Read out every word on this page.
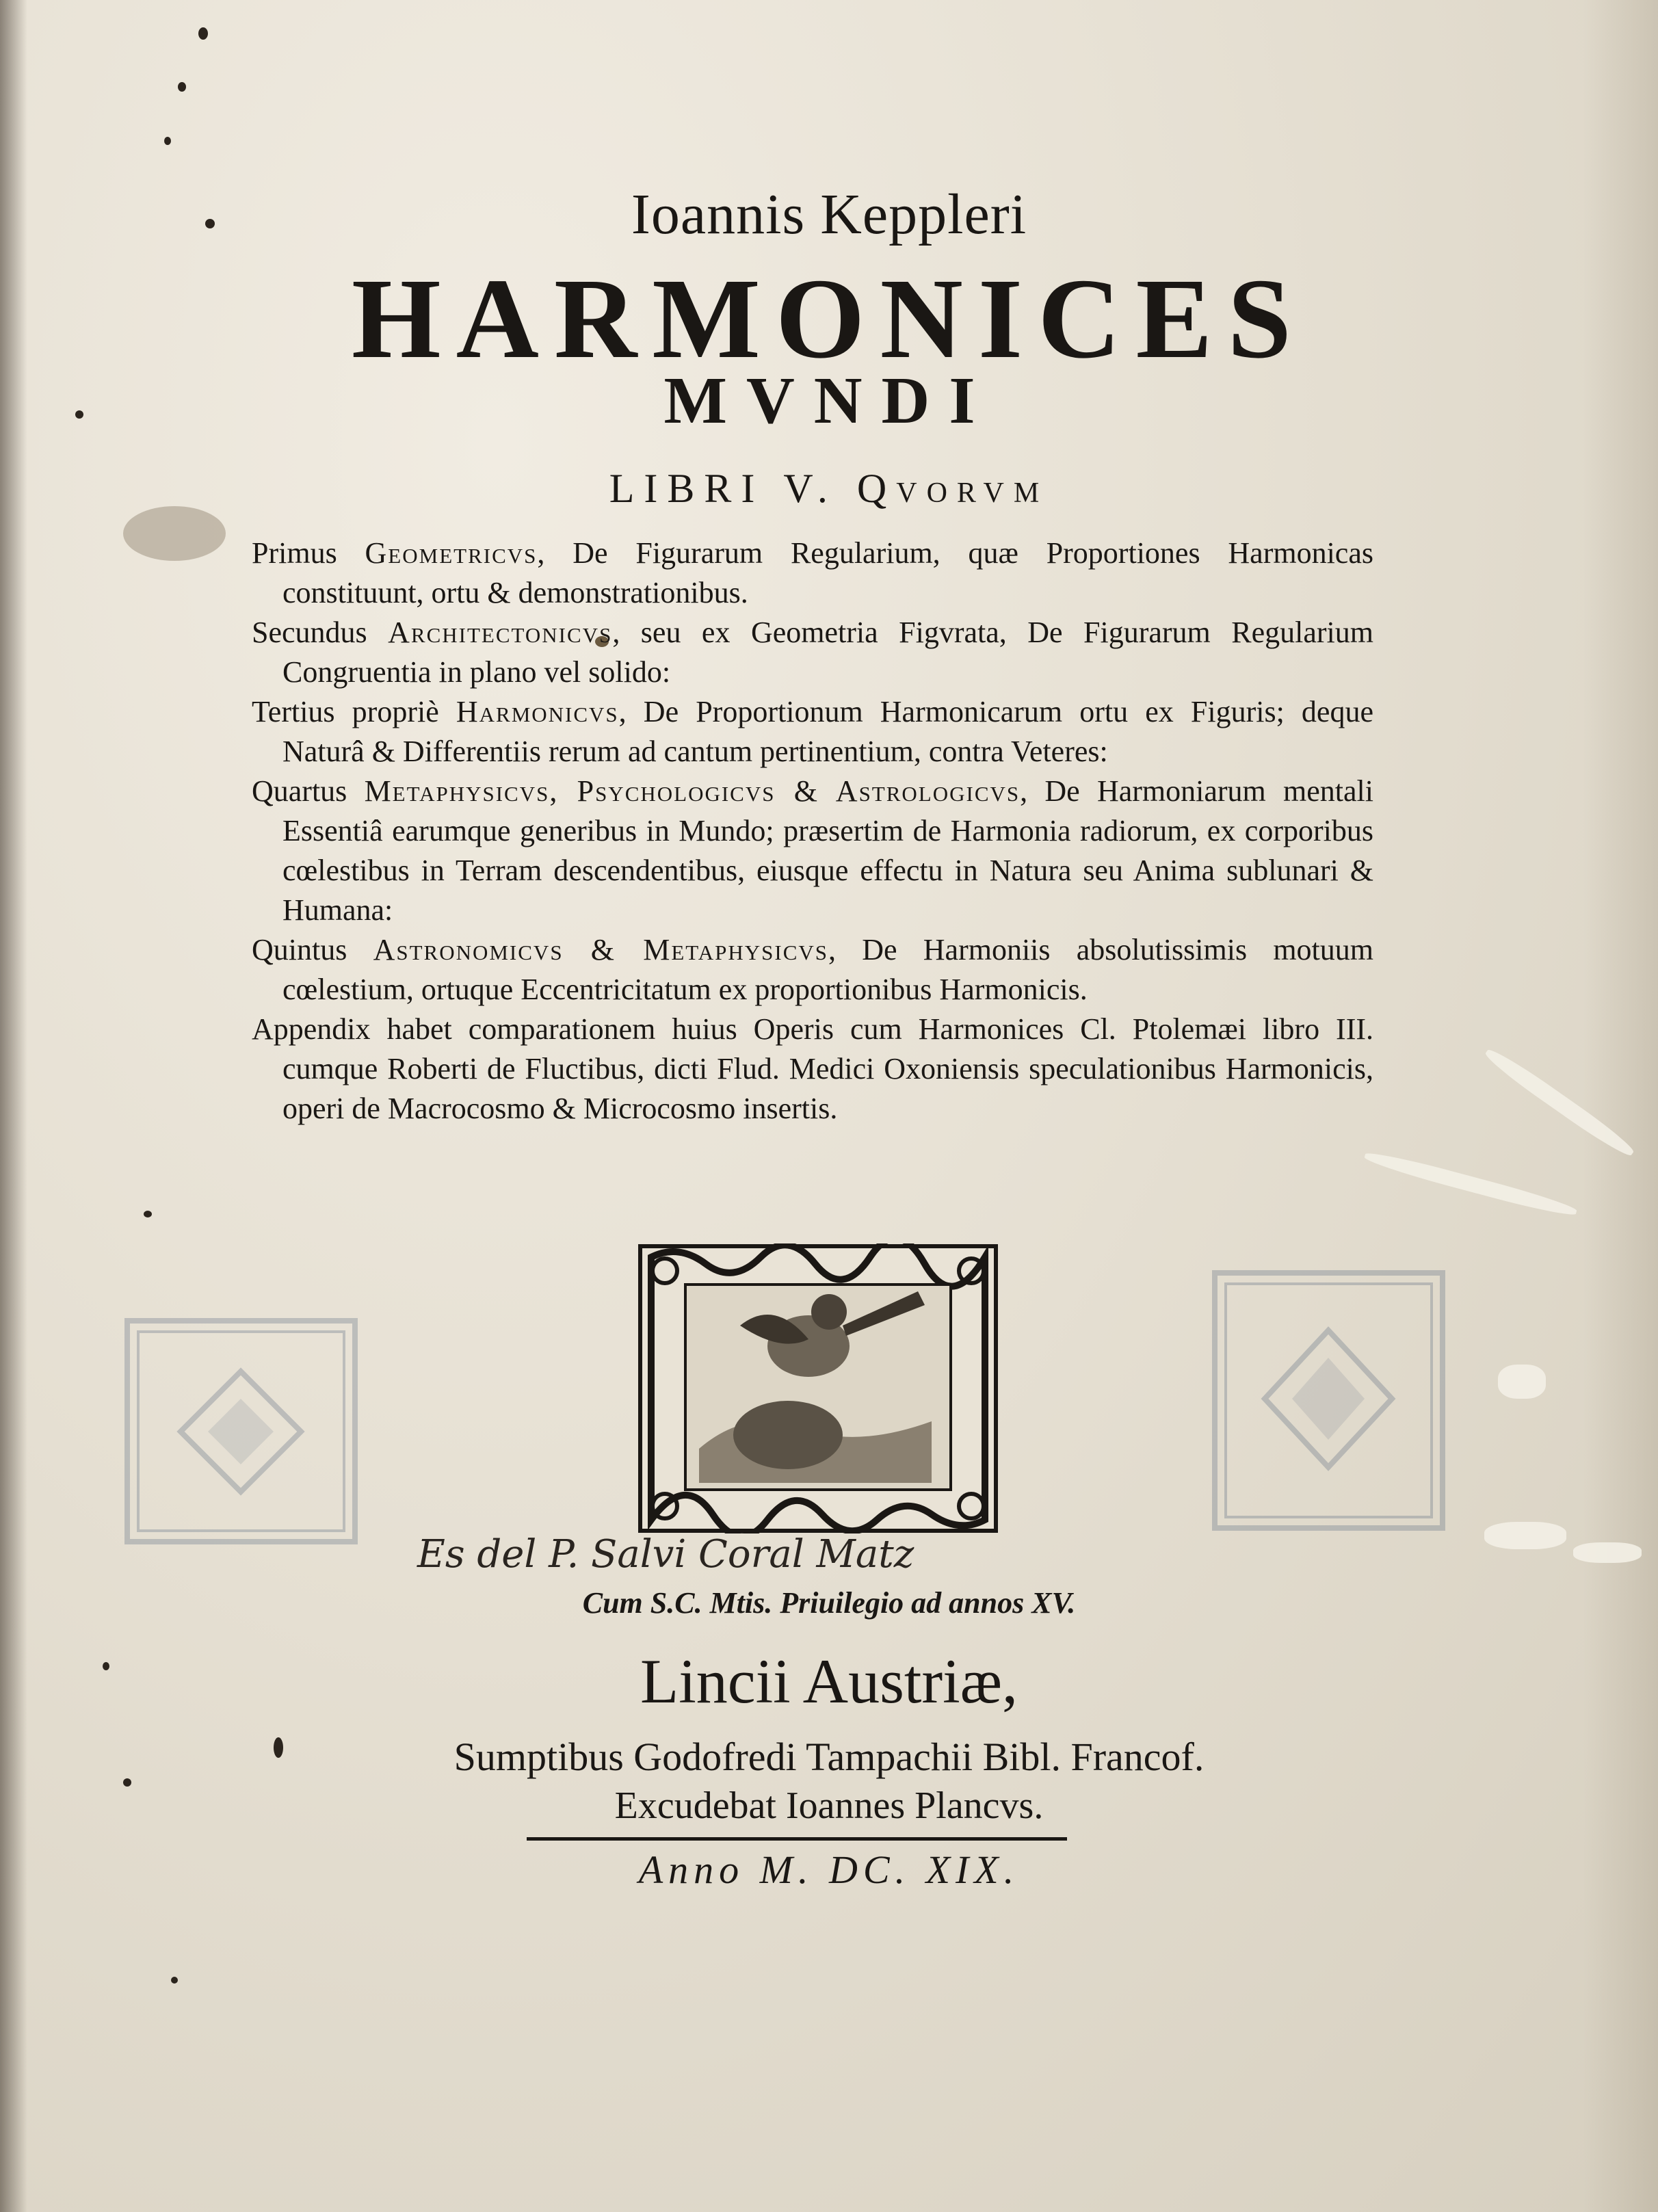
Ioannis Keppleri
HARMONICES
MVNDI
LIBRI V. Qvorvm

Primus Geometricvs, De Figurarum Regularium, quæ Proportiones Harmonicas constituunt, ortu & demonstrationibus.

Secundus Architectonicvs, seu ex Geometria Figvrata, De Figurarum Regularium Congruentia in plano vel solido:

Tertius propriè Harmonicvs, De Proportionum Harmonicarum ortu ex Figuris; deque Naturâ & Differentiis rerum ad cantum pertinentium, contra Veteres:

Quartus Metaphysicvs, Psychologicvs & Astrologicvs, De Harmoniarum mentali Essentiâ earumque generibus in Mundo; præsertim de Harmonia radiorum, ex corporibus cœlestibus in Terram descendentibus, eiusque effectu in Natura seu Anima sublunari & Humana:

Quintus Astronomicvs & Metaphysicvs, De Harmoniis absolutissimis motuum cœlestium, ortuque Eccentricitatum ex proportionibus Harmonicis.

Appendix habet comparationem huius Operis cum Harmonices Cl. Ptolemæi libro III. cumque Roberti de Fluctibus, dicti Flud. Medici Oxoniensis speculationibus Harmonicis, operi de Macrocosmo & Microcosmo insertis.

Es del P. Salvi Coral Matz
Cum S.C. Mtis. Priuilegio ad annos XV.
Lincii Austriæ,
Sumptibus Godofredi Tampachii Bibl. Francof.
Excudebat Ioannes Plancvs.
Anno M. DC. XIX.
